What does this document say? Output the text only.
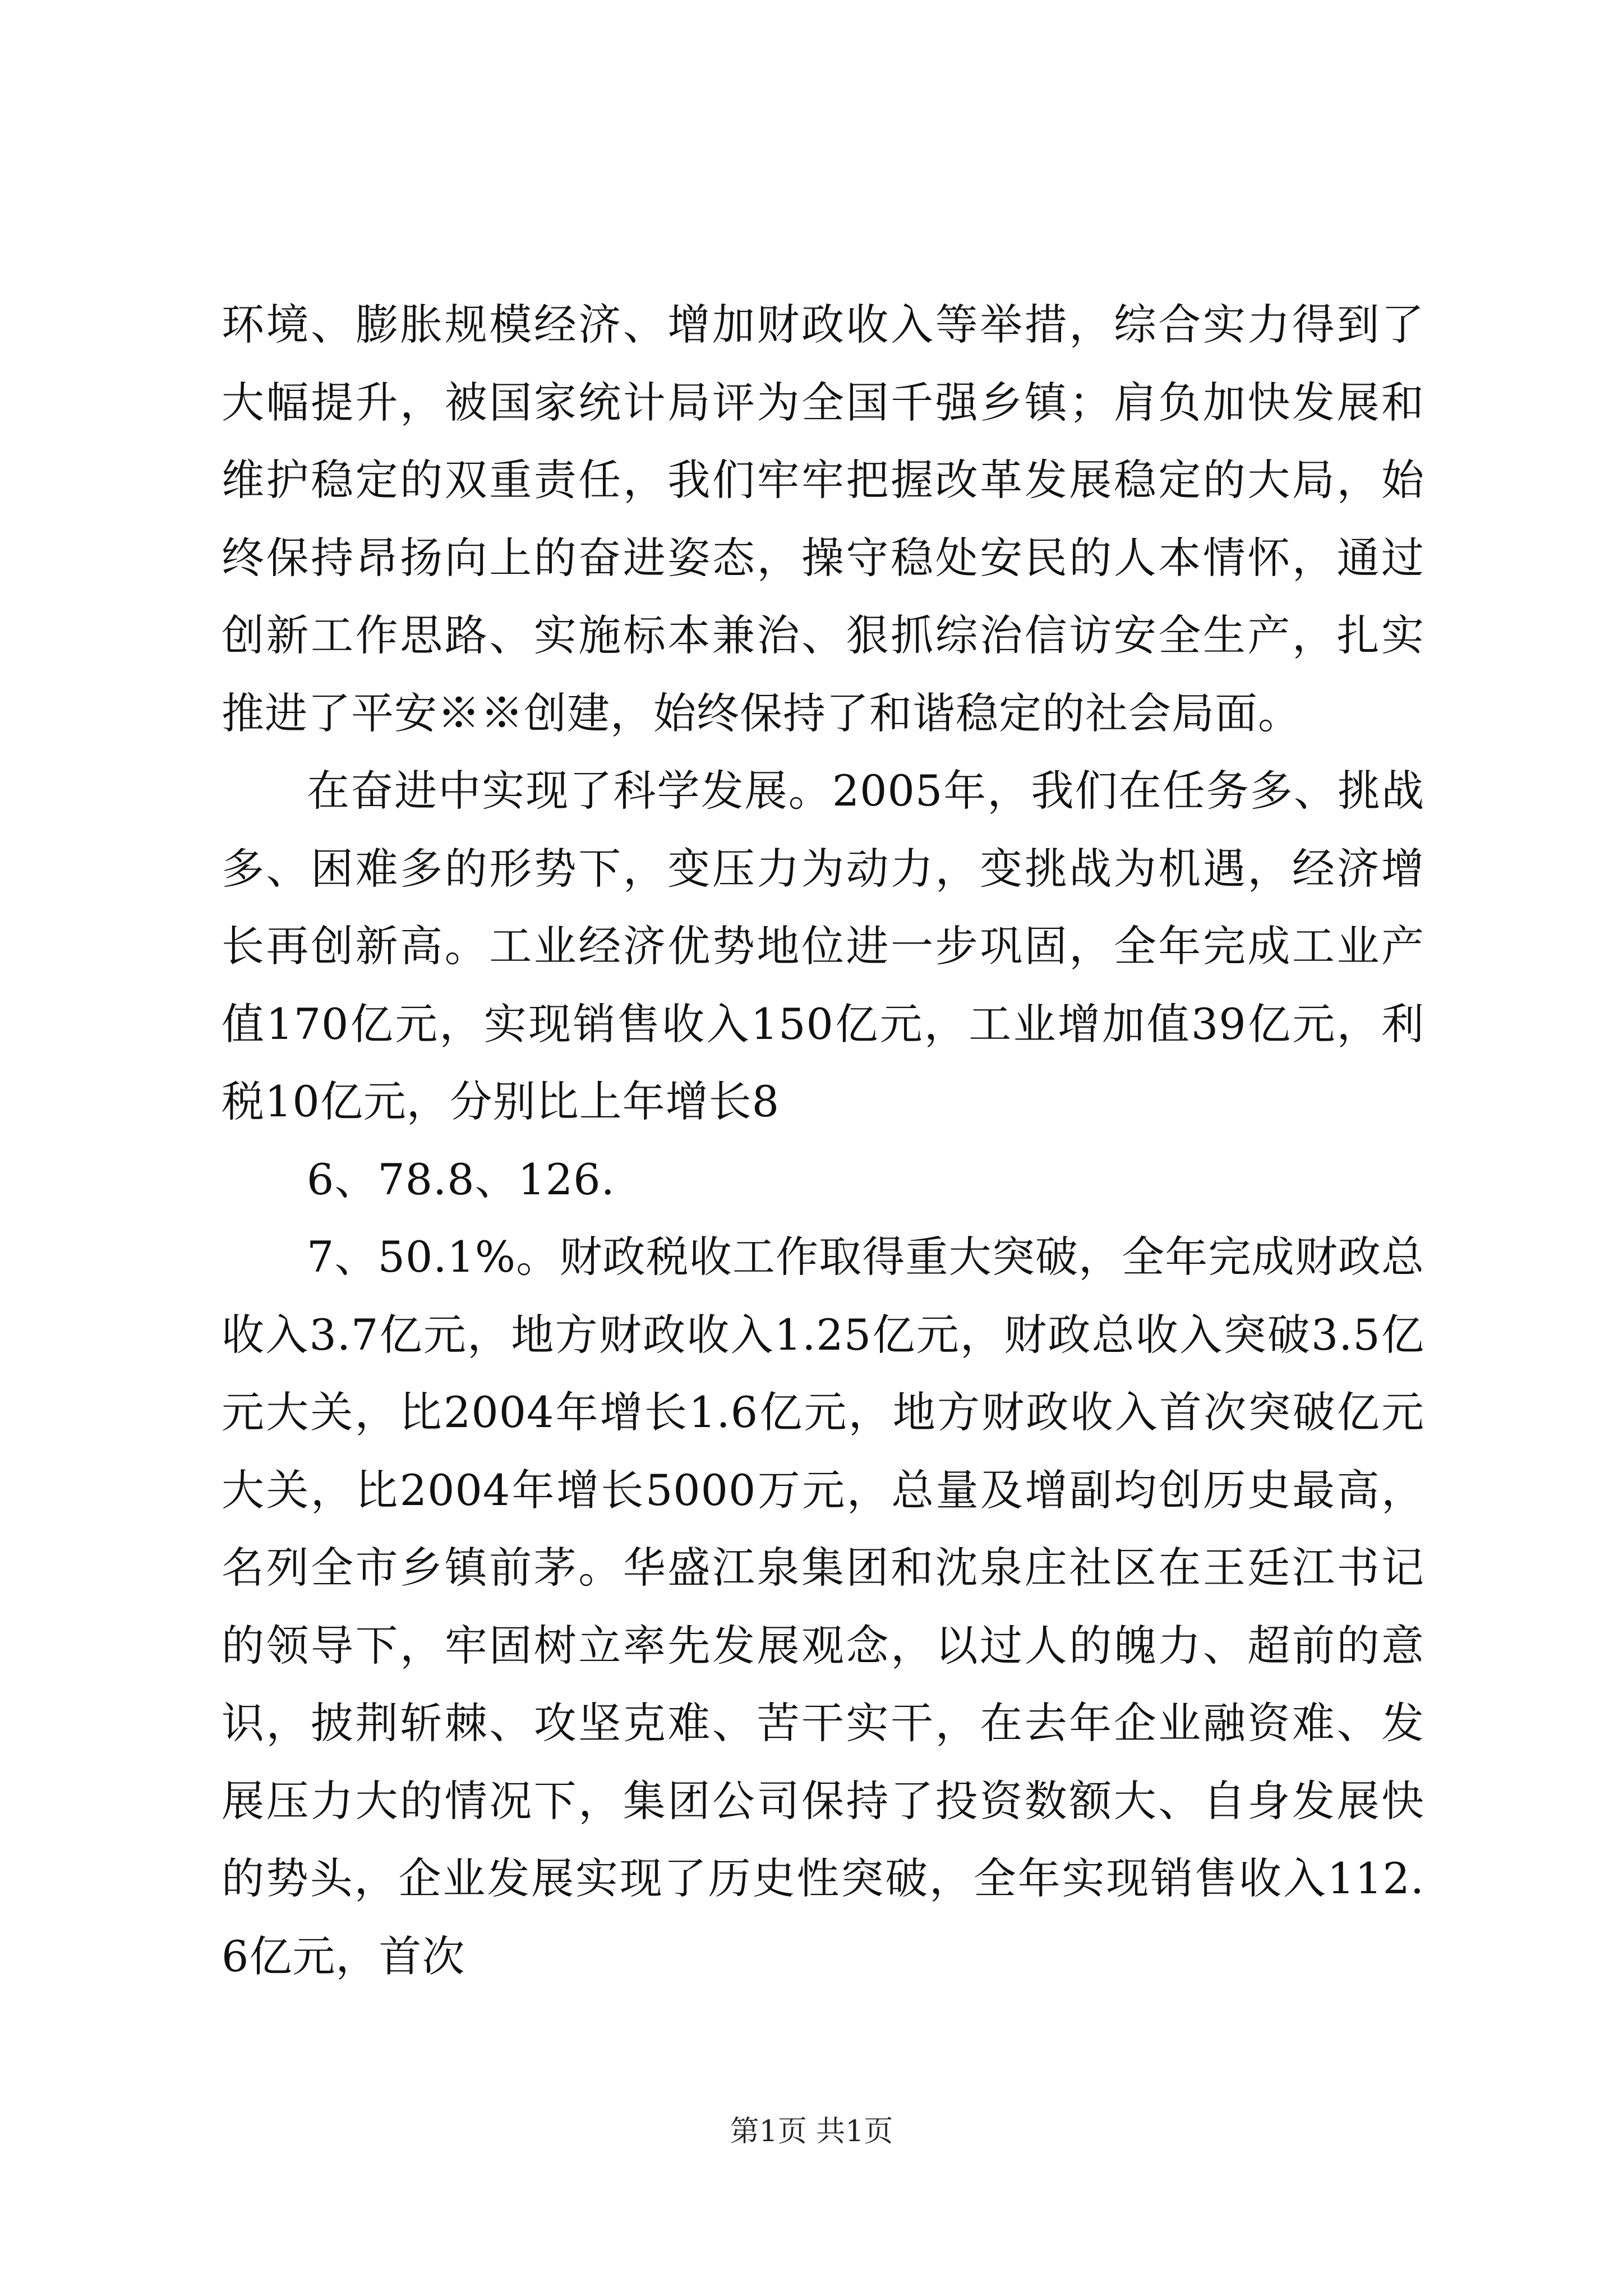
环境、膨胀规模经济、增加财政收入等举措，综合实力得到了大幅提升，被国家统计局评为全国千强乡镇；肩负加快发展和维护稳定的双重责任，我们牢牢把握改革发展稳定的大局，始终保持昂扬向上的奋进姿态，操守稳处安民的人本情怀，通过创新工作思路、实施标本兼治、狠抓综治信访安全生产，扎实推进了平安※※创建，始终保持了和谐稳定的社会局面。

在奋进中实现了科学发展。2005年，我们在任务多、挑战多、困难多的形势下，变压力为动力，变挑战为机遇，经济增长再创新高。工业经济优势地位进一步巩固，全年完成工业产值170亿元，实现销售收入150亿元，工业增加值39亿元，利税10亿元，分别比上年增长8

6、78.8、126.

7、50.1%。财政税收工作取得重大突破，全年完成财政总收入3.7亿元，地方财政收入1.25亿元，财政总收入突破3.5亿元大关，比2004年增长1.6亿元，地方财政收入首次突破亿元大关，比2004年增长5000万元，总量及增副均创历史最高，名列全市乡镇前茅。华盛江泉集团和沈泉庄社区在王廷江书记的领导下，牢固树立率先发展观念，以过人的魄力、超前的意识，披荆斩棘、攻坚克难、苦干实干，在去年企业融资难、发展压力大的情况下，集团公司保持了投资数额大、自身发展快的势头，企业发展实现了历史性突破，全年实现销售收入112.6亿元，首次

第1页 共1页
